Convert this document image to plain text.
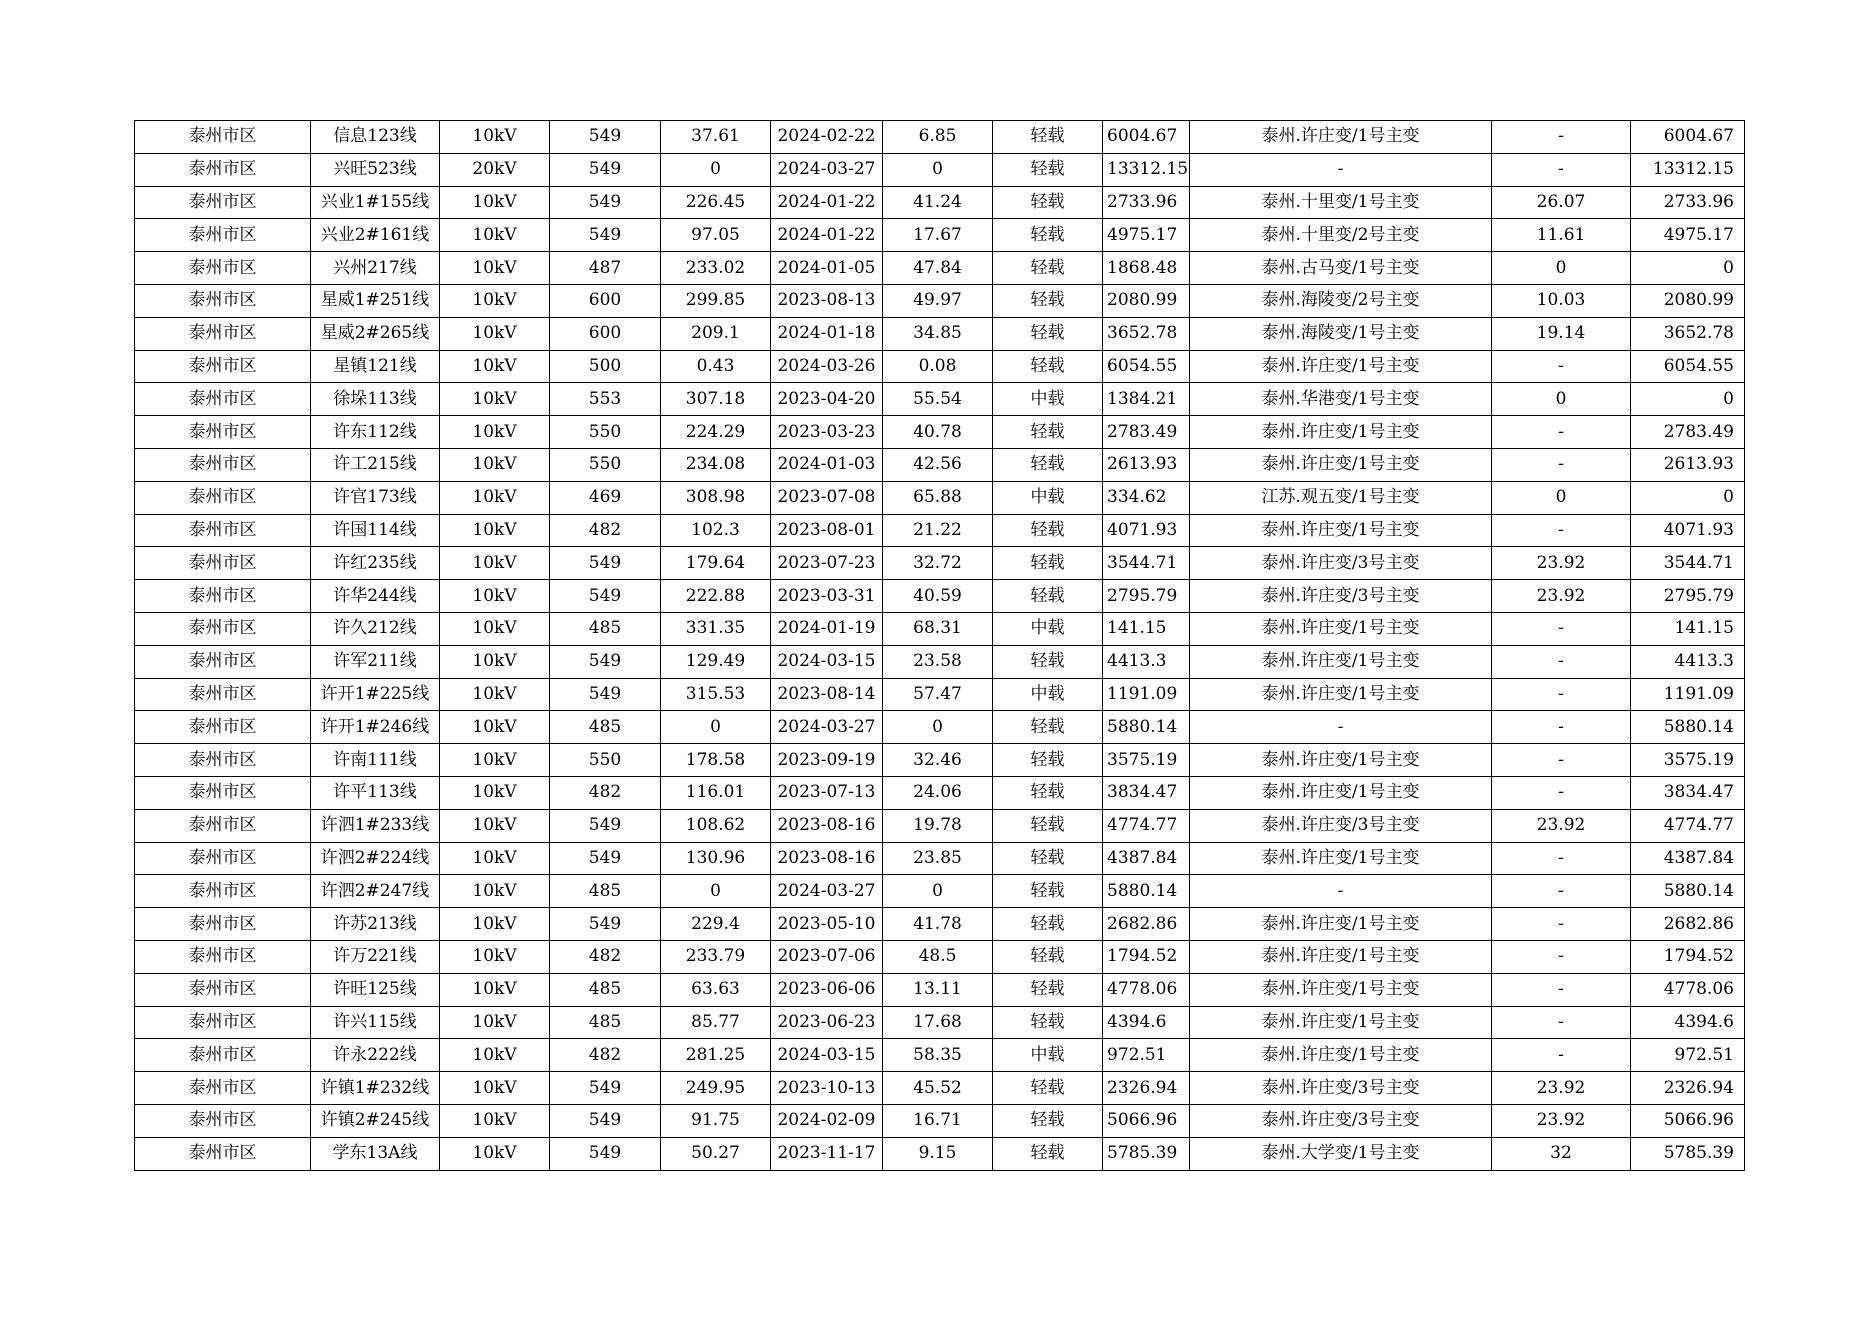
泰州市区	信息123线	10kV	549	37.61	2024-02-22	6.85	轻载	6004.67	泰州.许庄变/1号主变	-	6004.67
泰州市区	兴旺523线	20kV	549	0	2024-03-27	0	轻载	13312.15	-	-	13312.15
泰州市区	兴业1#155线	10kV	549	226.45	2024-01-22	41.24	轻载	2733.96	泰州.十里变/1号主变	26.07	2733.96
泰州市区	兴业2#161线	10kV	549	97.05	2024-01-22	17.67	轻载	4975.17	泰州.十里变/2号主变	11.61	4975.17
泰州市区	兴州217线	10kV	487	233.02	2024-01-05	47.84	轻载	1868.48	泰州.古马变/1号主变	0	0
泰州市区	星威1#251线	10kV	600	299.85	2023-08-13	49.97	轻载	2080.99	泰州.海陵变/2号主变	10.03	2080.99
泰州市区	星威2#265线	10kV	600	209.1	2024-01-18	34.85	轻载	3652.78	泰州.海陵变/1号主变	19.14	3652.78
泰州市区	星镇121线	10kV	500	0.43	2024-03-26	0.08	轻载	6054.55	泰州.许庄变/1号主变	-	6054.55
泰州市区	徐垛113线	10kV	553	307.18	2023-04-20	55.54	中载	1384.21	泰州.华港变/1号主变	0	0
泰州市区	许东112线	10kV	550	224.29	2023-03-23	40.78	轻载	2783.49	泰州.许庄变/1号主变	-	2783.49
泰州市区	许工215线	10kV	550	234.08	2024-01-03	42.56	轻载	2613.93	泰州.许庄变/1号主变	-	2613.93
泰州市区	许官173线	10kV	469	308.98	2023-07-08	65.88	中载	334.62	江苏.观五变/1号主变	0	0
泰州市区	许国114线	10kV	482	102.3	2023-08-01	21.22	轻载	4071.93	泰州.许庄变/1号主变	-	4071.93
泰州市区	许红235线	10kV	549	179.64	2023-07-23	32.72	轻载	3544.71	泰州.许庄变/3号主变	23.92	3544.71
泰州市区	许华244线	10kV	549	222.88	2023-03-31	40.59	轻载	2795.79	泰州.许庄变/3号主变	23.92	2795.79
泰州市区	许久212线	10kV	485	331.35	2024-01-19	68.31	中载	141.15	泰州.许庄变/1号主变	-	141.15
泰州市区	许军211线	10kV	549	129.49	2024-03-15	23.58	轻载	4413.3	泰州.许庄变/1号主变	-	4413.3
泰州市区	许开1#225线	10kV	549	315.53	2023-08-14	57.47	中载	1191.09	泰州.许庄变/1号主变	-	1191.09
泰州市区	许开1#246线	10kV	485	0	2024-03-27	0	轻载	5880.14	-	-	5880.14
泰州市区	许南111线	10kV	550	178.58	2023-09-19	32.46	轻载	3575.19	泰州.许庄变/1号主变	-	3575.19
泰州市区	许平113线	10kV	482	116.01	2023-07-13	24.06	轻载	3834.47	泰州.许庄变/1号主变	-	3834.47
泰州市区	许泗1#233线	10kV	549	108.62	2023-08-16	19.78	轻载	4774.77	泰州.许庄变/3号主变	23.92	4774.77
泰州市区	许泗2#224线	10kV	549	130.96	2023-08-16	23.85	轻载	4387.84	泰州.许庄变/1号主变	-	4387.84
泰州市区	许泗2#247线	10kV	485	0	2024-03-27	0	轻载	5880.14	-	-	5880.14
泰州市区	许苏213线	10kV	549	229.4	2023-05-10	41.78	轻载	2682.86	泰州.许庄变/1号主变	-	2682.86
泰州市区	许万221线	10kV	482	233.79	2023-07-06	48.5	轻载	1794.52	泰州.许庄变/1号主变	-	1794.52
泰州市区	许旺125线	10kV	485	63.63	2023-06-06	13.11	轻载	4778.06	泰州.许庄变/1号主变	-	4778.06
泰州市区	许兴115线	10kV	485	85.77	2023-06-23	17.68	轻载	4394.6	泰州.许庄变/1号主变	-	4394.6
泰州市区	许永222线	10kV	482	281.25	2024-03-15	58.35	中载	972.51	泰州.许庄变/1号主变	-	972.51
泰州市区	许镇1#232线	10kV	549	249.95	2023-10-13	45.52	轻载	2326.94	泰州.许庄变/3号主变	23.92	2326.94
泰州市区	许镇2#245线	10kV	549	91.75	2024-02-09	16.71	轻载	5066.96	泰州.许庄变/3号主变	23.92	5066.96
泰州市区	学东13A线	10kV	549	50.27	2023-11-17	9.15	轻载	5785.39	泰州.大学变/1号主变	32	5785.39
